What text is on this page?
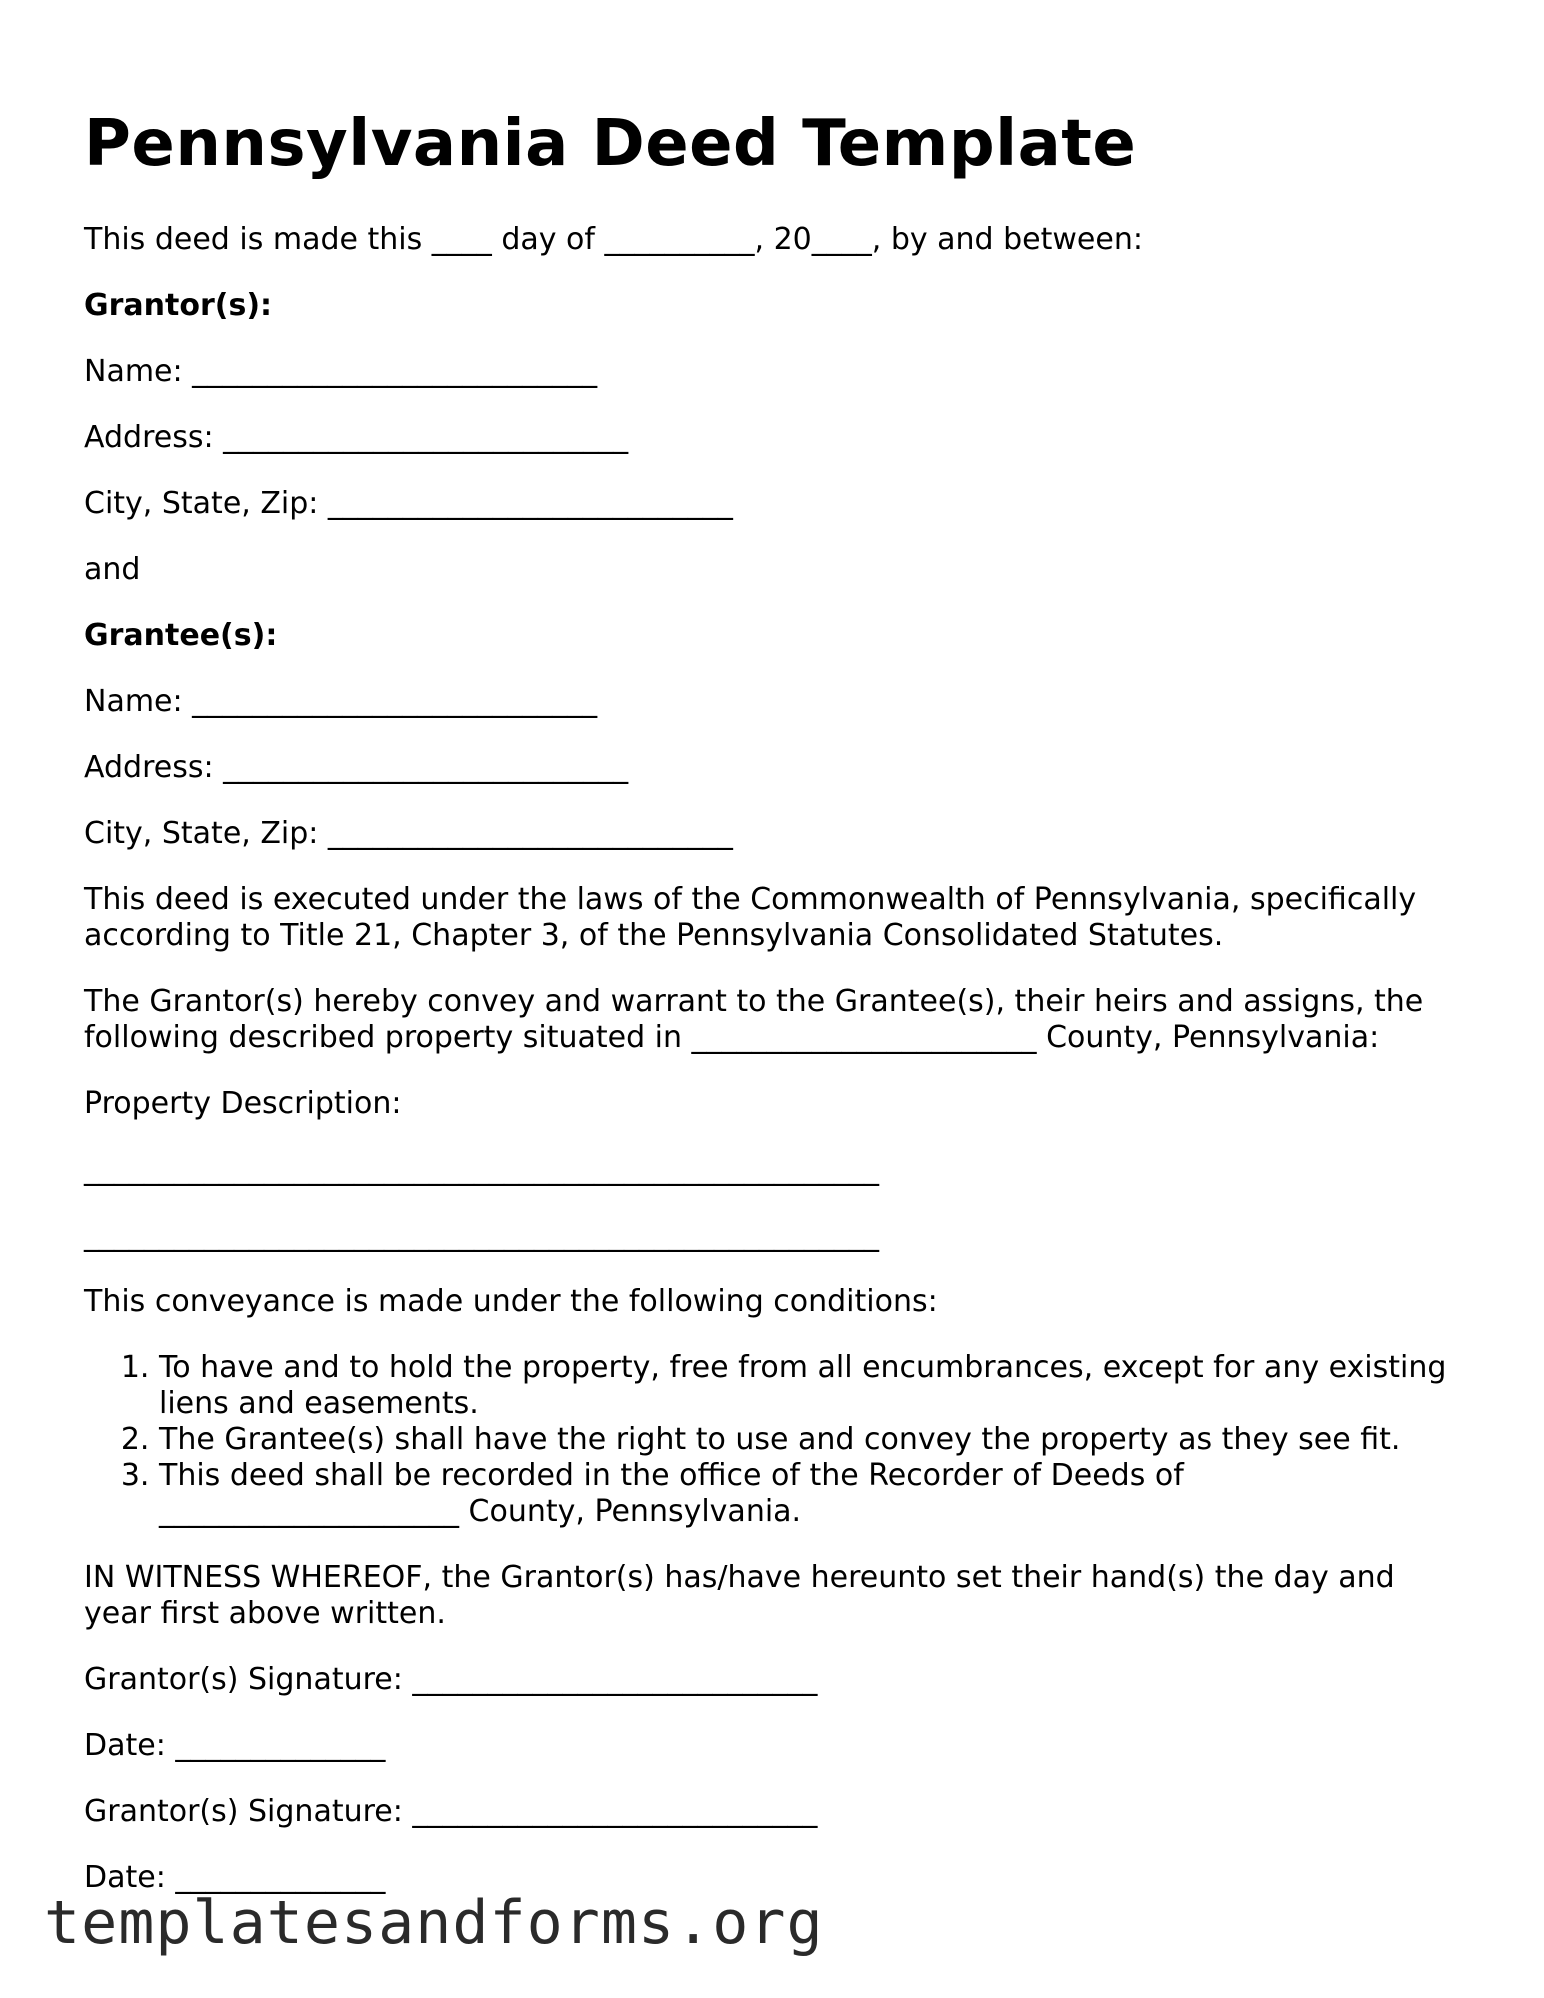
Pennsylvania Deed Template

This deed is made this ____ day of __________, 20____, by and between:

Grantor(s):

Name: ___________________________

Address: ___________________________

City, State, Zip: ___________________________

and

Grantee(s):

Name: ___________________________

Address: ___________________________

City, State, Zip: ___________________________

This deed is executed under the laws of the Commonwealth of Pennsylvania, specifically according to Title 21, Chapter 3, of the Pennsylvania Consolidated Statutes.

The Grantor(s) hereby convey and warrant to the Grantee(s), their heirs and assigns, the following described property situated in _______________________ County, Pennsylvania:

Property Description:

_____________________________________________________

_____________________________________________________

This conveyance is made under the following conditions:

1. To have and to hold the property, free from all encumbrances, except for any existing liens and easements.
2. The Grantee(s) shall have the right to use and convey the property as they see fit.
3. This deed shall be recorded in the office of the Recorder of Deeds of ____________________ County, Pennsylvania.

IN WITNESS WHEREOF, the Grantor(s) has/have hereunto set their hand(s) the day and year first above written.

Grantor(s) Signature: ___________________________

Date: ______________

Grantor(s) Signature: ___________________________

Date: ______________

templatesandforms.org
